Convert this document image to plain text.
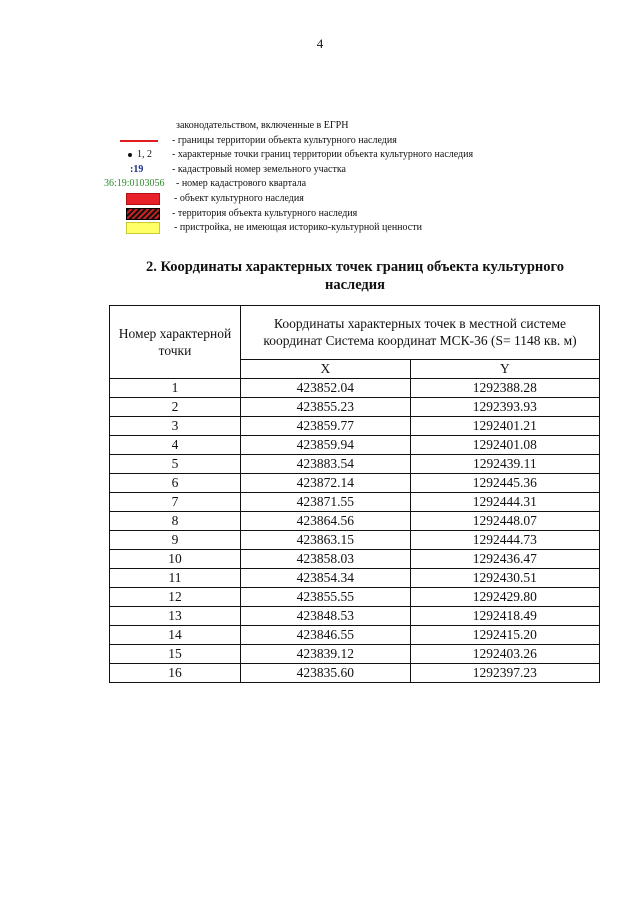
4
законодательством, включенные в ЕГРН
- границы территории объекта культурного наследия
1, 2 - характерные точки границ территории объекта культурного наследия
:19	- кадастровый номер земельного участка
36:19:0103056 - номер кадастрового квартала
- объект культурного наследия
- территория объекта культурного наследия
- пристройка, не имеющая историко-культурной ценности
2. Координаты характерных точек границ объекта культурного
наследия
Номер характерной точки	Координаты характерных точек в местной системе координат Система координат МСК-36 (S= 1148 кв. м)	
	X	Y
1	423852.04	1292388.28
2	423855.23	1292393.93
3	423859.77	1292401.21
4	423859.94	1292401.08
5	423883.54	1292439.11
6	423872.14	1292445.36
7	423871.55	1292444.31
8	423864.56	1292448.07
9	423863.15	1292444.73
10	423858.03	1292436.47
11	423854.34	1292430.51
12	423855.55	1292429.80
13	423848.53	1292418.49
14	423846.55	1292415.20
15	423839.12	1292403.26
16	423835.60	1292397.23
